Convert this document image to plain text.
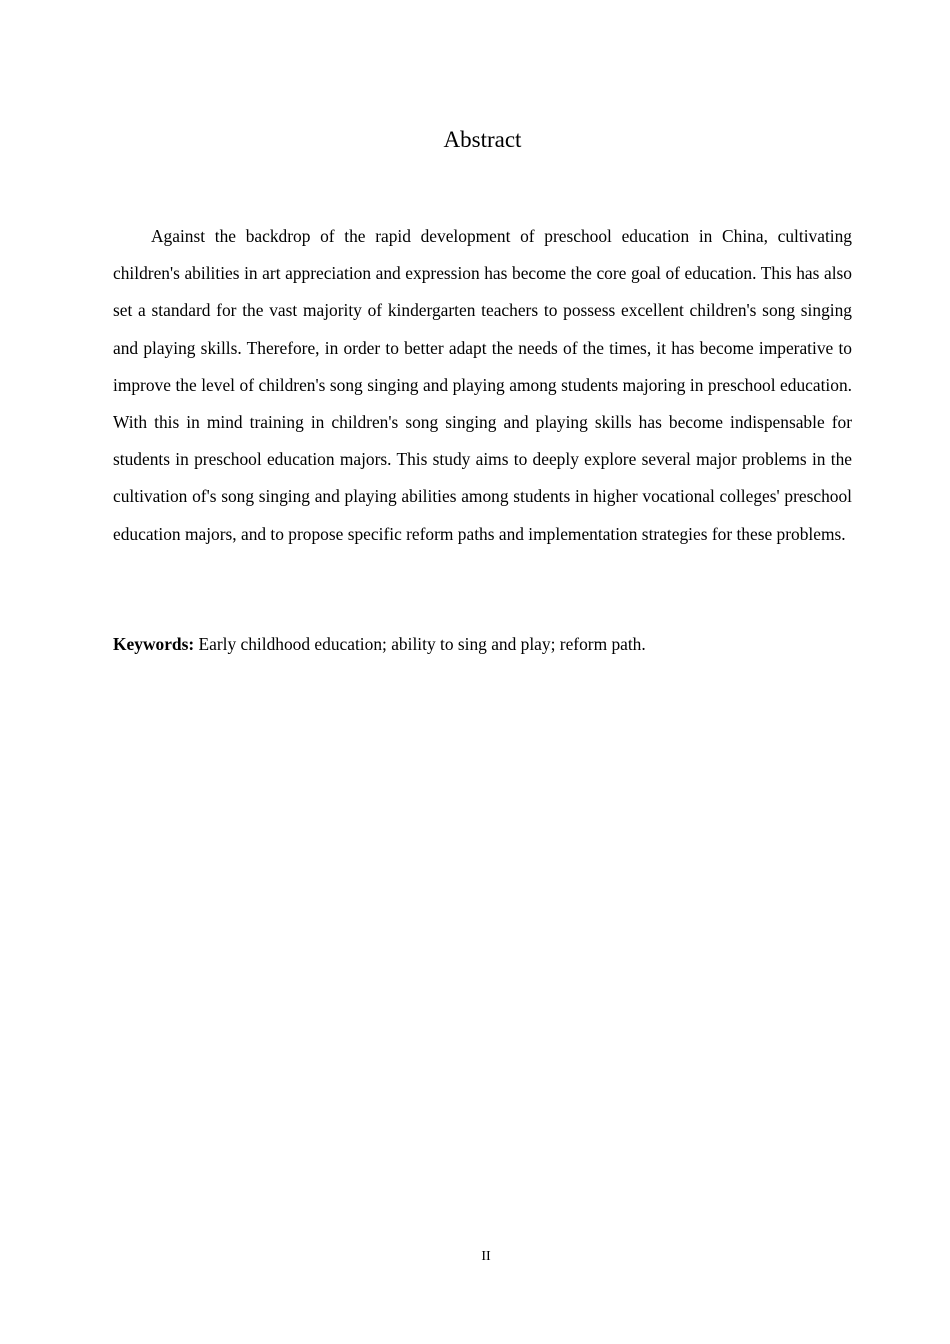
Abstract

Against the backdrop of the rapid development of preschool education in China, cultivating children's abilities in art appreciation and expression has become the core goal of education. This has also set a standard for the vast majority of kindergarten teachers to possess excellent children's song singing and playing skills. Therefore, in order to better adapt the needs of the times, it has become imperative to improve the level of children's song singing and playing among students majoring in preschool education. With this in mind training in children's song singing and playing skills has become indispensable for students in preschool education majors. This study aims to deeply explore several major problems in the cultivation of's song singing and playing abilities among students in higher vocational colleges' preschool education majors, and to propose specific reform paths and implementation strategies for these problems.

Keywords: Early childhood education; ability to sing and play; reform path.

II
